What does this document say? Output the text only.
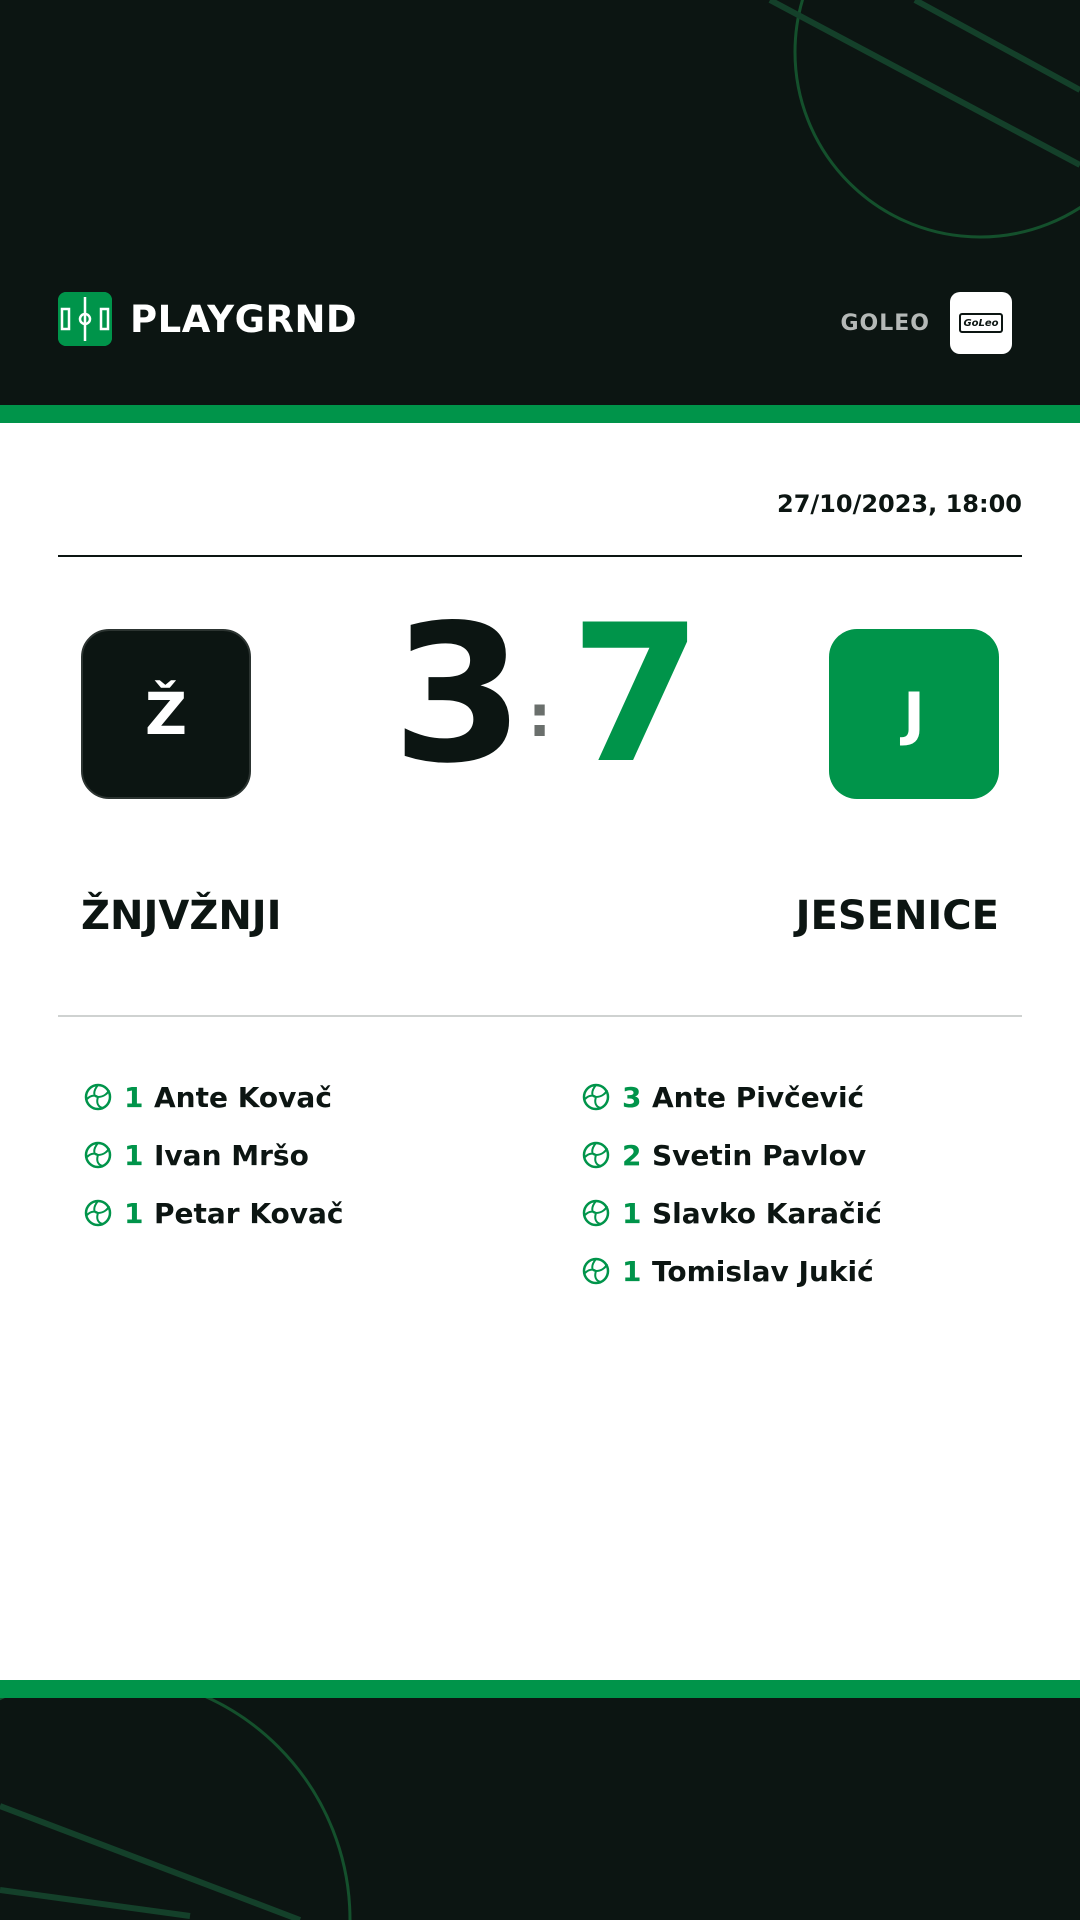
PLAYGRND	GOLEO	GoLeo
27/10/2023, 18:00
Ž 3 : 7	J
ŽNJVŽNJI	JESENICE
1 Ante Kovač
1 Ivan Mršo
1 Petar Kovač
3 Ante Pivčević
2 Svetin Pavlov
1 Slavko Karačić
1 Tomislav Jukić
